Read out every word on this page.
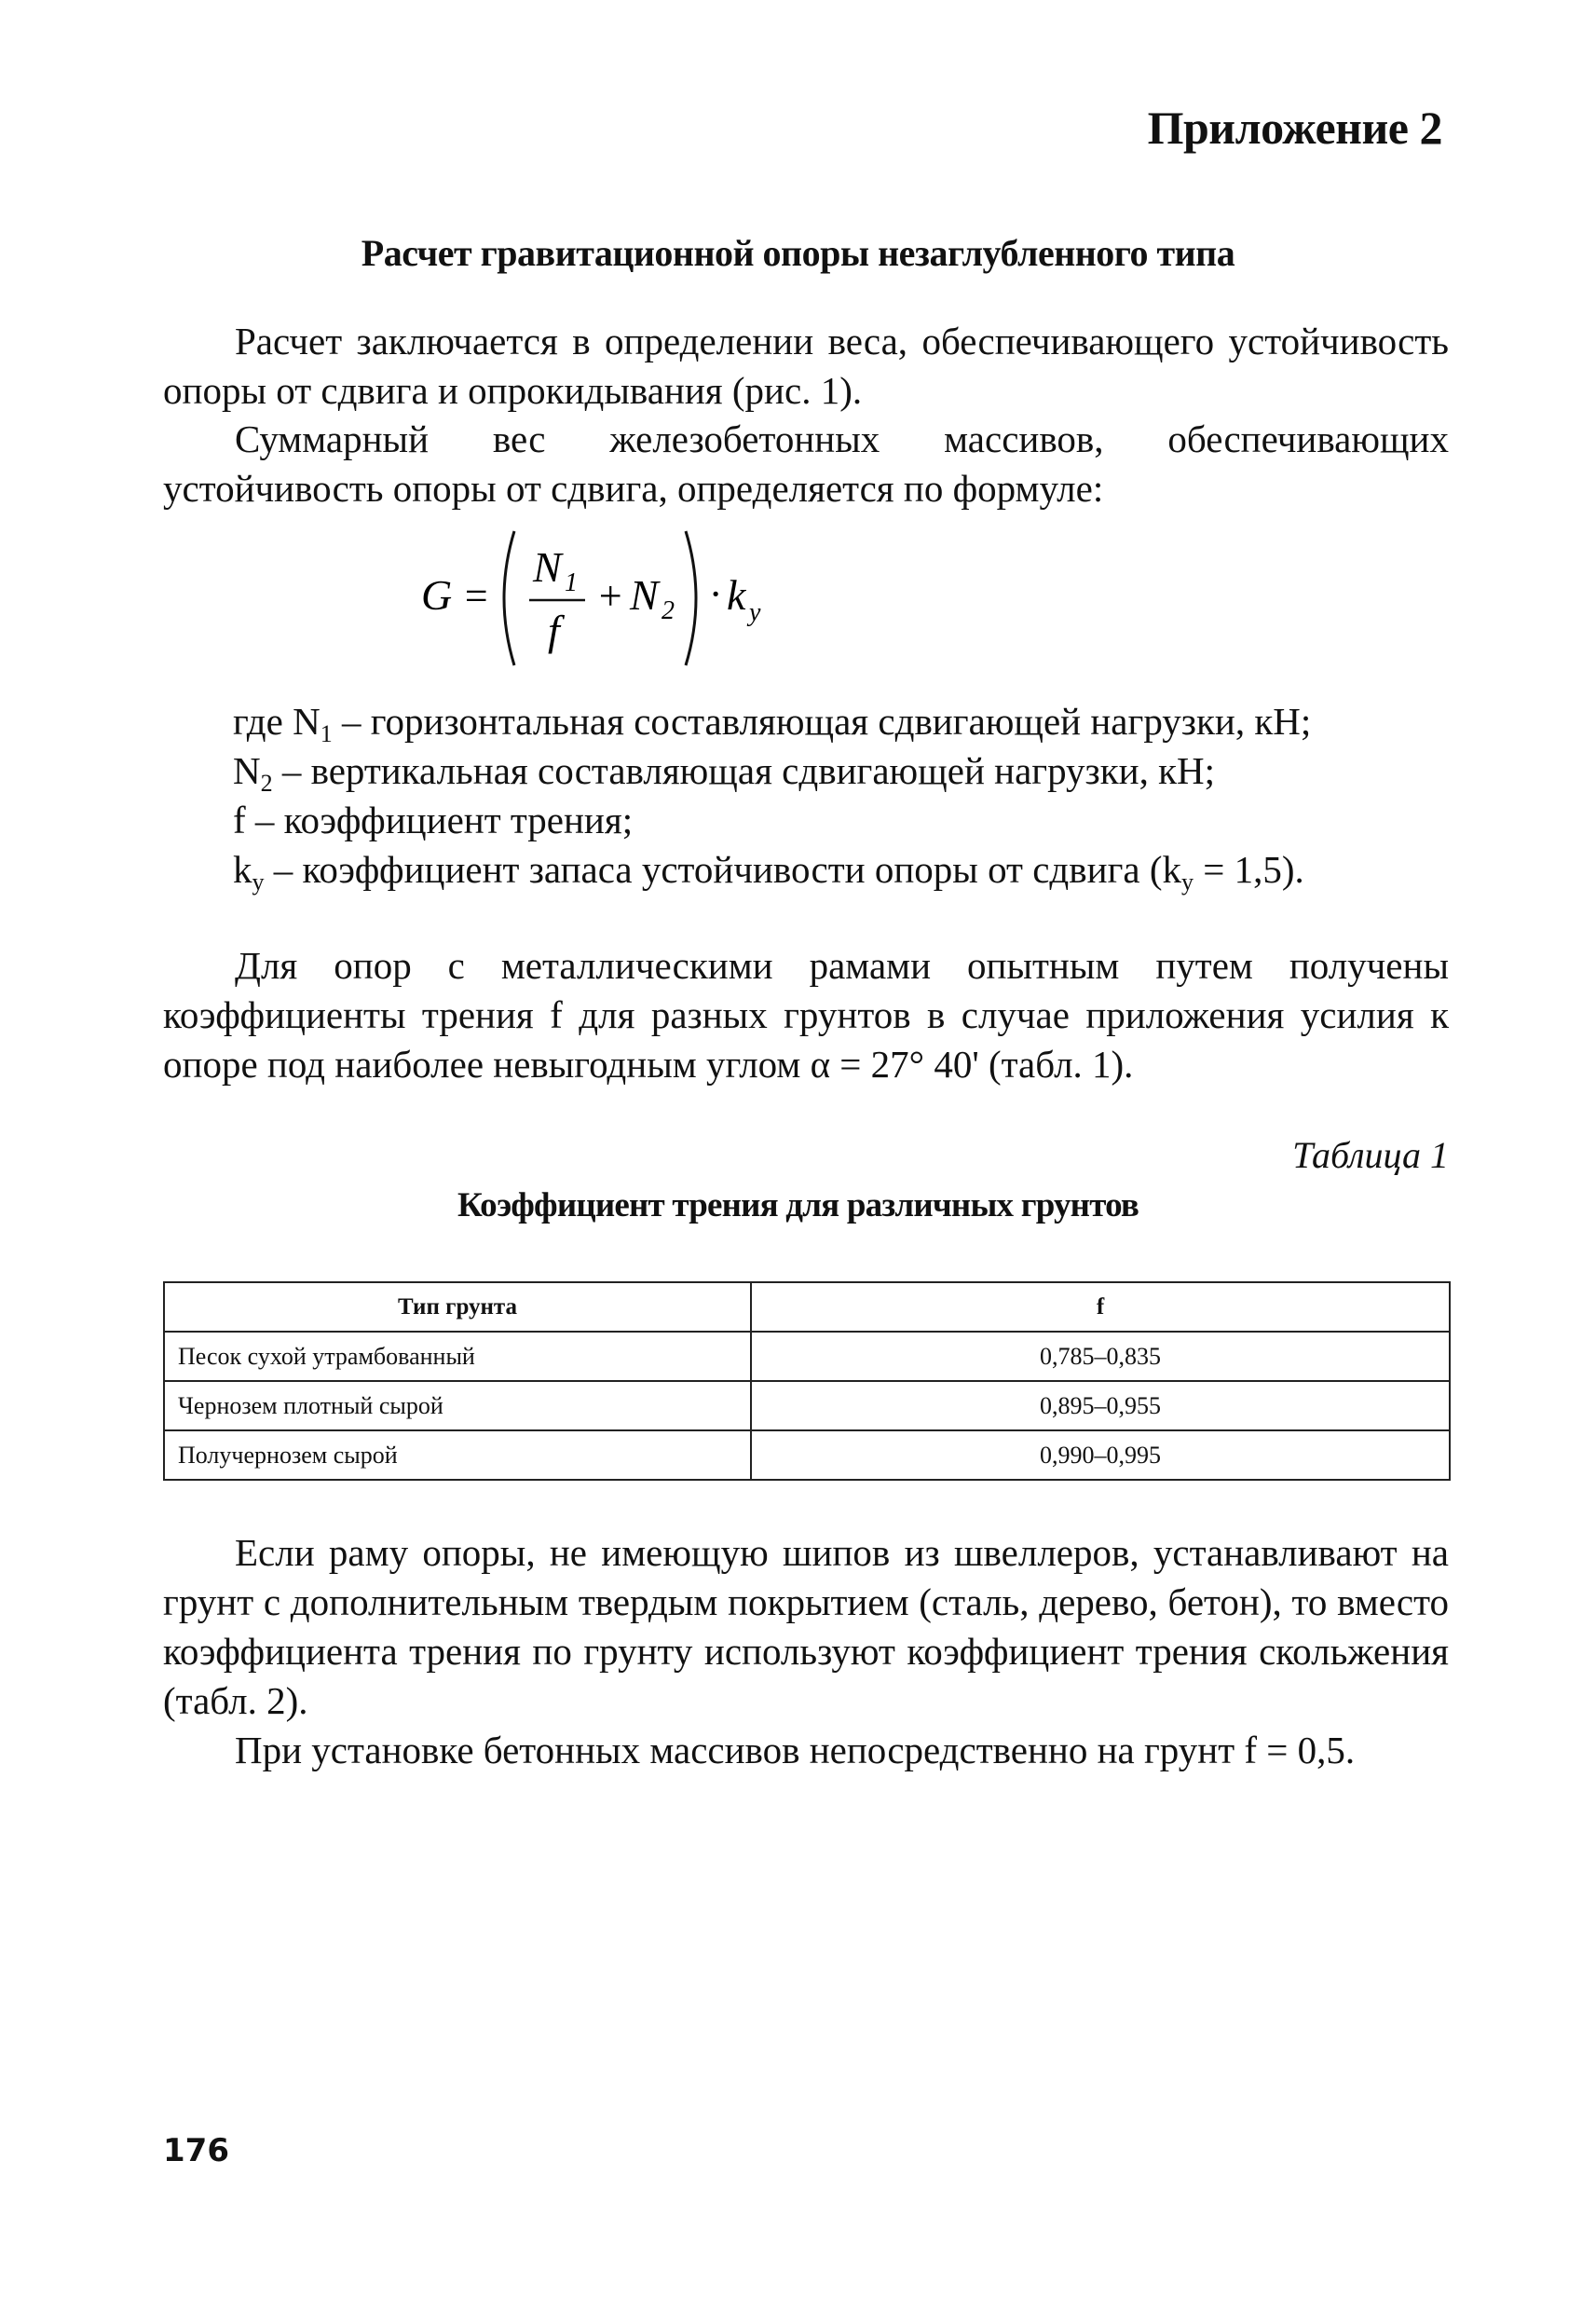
Приложение 2
Расчет гравитационной опоры незаглубленного типа
Расчет заключается в определении веса, обеспечивающего устойчивость опоры от сдвига и опрокидывания (рис. 1).
Суммарный вес железобетонных массивов, обеспечивающих устойчивость опоры от сдвига, определяется по формуле:
G =
N 1
f
+ N 2 · k y
где $N_1$ – горизонтальная составляющая сдвигающей нагрузки, кН;
$N_2$ – вертикальная составляющая сдвигающей нагрузки, кН;
f – коэффициент трения;
$k_y$ – коэффициент запаса устойчивости опоры от сдвига $(k_y = 1,5)$.
Для опор с металлическими рамами опытным путем получены коэффициенты трения f для разных грунтов в случае приложения усилия к опоре под наиболее невыгодным углом α = 27° 40' (табл. 1).
Таблица 1
Коэффициент трения для различных грунтов
Тип грунта	f
Песок сухой утрамбованный	0,785–0,835
Чернозем плотный сырой	0,895–0,955
Получернозем сырой	0,990–0,995
Если раму опоры, не имеющую шипов из швеллеров, устанавливают на грунт с дополнительным твердым покрытием (сталь, дерево, бетон), то вместо коэффициента трения по грунту используют коэффициент трения скольжения (табл. 2).
При установке бетонных массивов непосредственно на грунт f = 0,5.
176
